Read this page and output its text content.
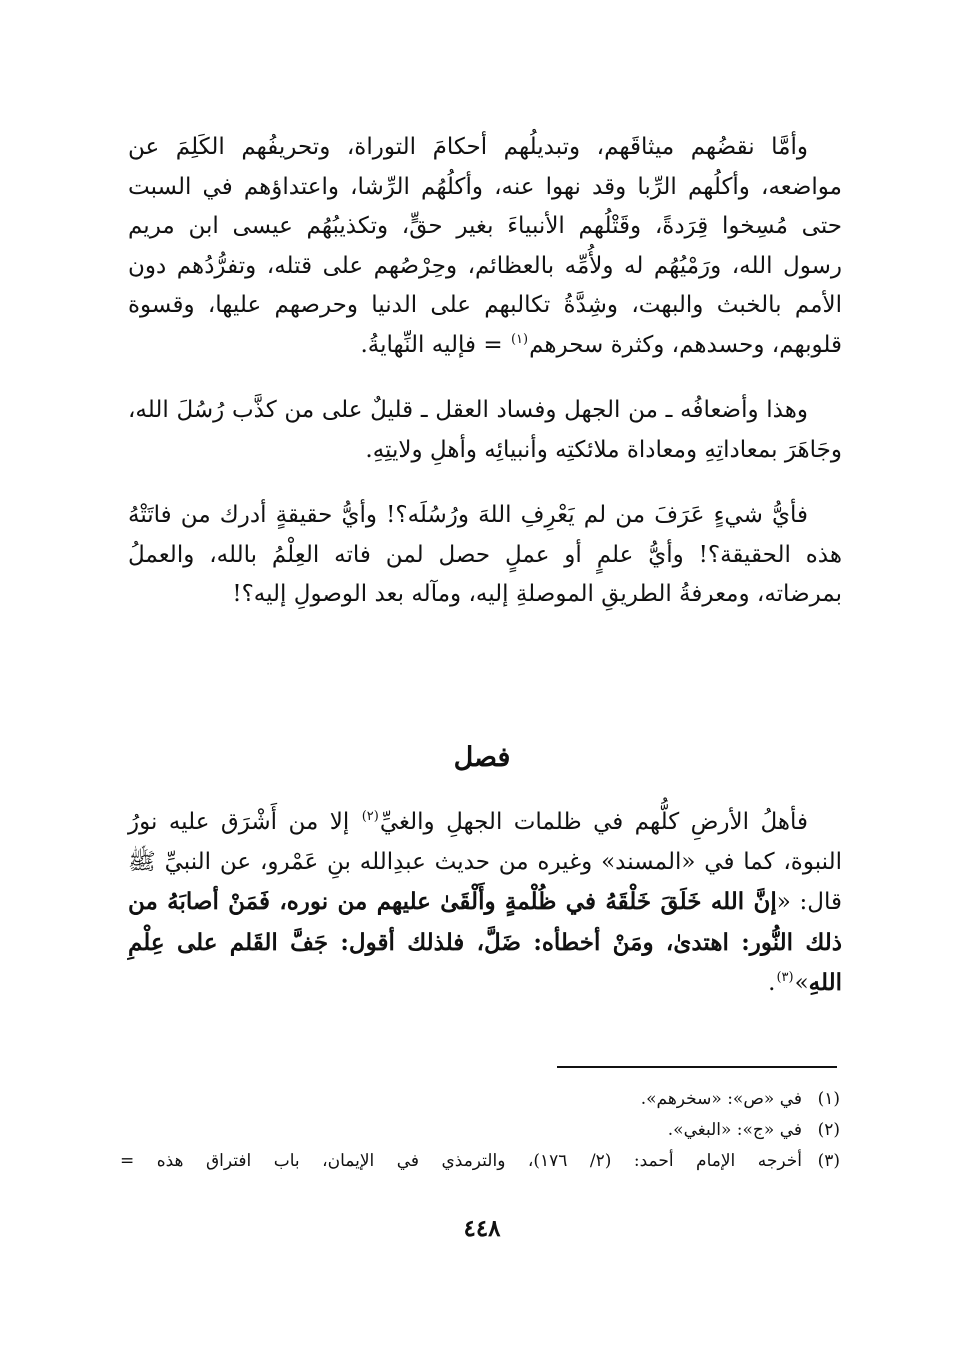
وأمَّا نقضُهم ميثاقَهم، وتبديلُهم أحكامَ التوراة، وتحريفُهم الكَلِمَ عن مواضعه، وأكلُهم الرِّبا وقد نهوا عنه، وأكلُهُم الرِّشا، واعتداؤهم في السبت حتى مُسِخوا قِرَدةً، وقَتْلُهم الأنبياءَ بغير حقٍّ، وتكذيبُهُم عيسى ابن مريم رسول الله، ورَمْيُهُم له ولأُمِّه بالعظائم، وحِرْصُهم على قتله، وتفرُّدُهم دون الأمم بالخبث والبهت، وشِدَّةُ تكالبهم على الدنيا وحرصهم عليها، وقسوة قلوبهم، وحسدهم، وكثرة سحرهم$^{(١)}$ = فإليه النِّهايةُ.

وهذا وأضعافُه ـ من الجهل وفساد العقل ـ قليلٌ على من كذَّب رُسُلَ الله، وجَاهَرَ بمعاداتِهِ ومعاداة ملائكتِه وأنبيائِه وأهلِ ولايتِهِ.

فأيُّ شيءٍ عَرَفَ من لم يَعْرِفِ اللهَ ورُسُلَه؟! وأيُّ حقيقةٍ أدرك من فاتَتْهُ هذه الحقيقة؟! وأيُّ علمٍ أو عملٍ حصل لمن فاته العِلْمُ بالله، والعملُ بمرضاته، ومعرفةُ الطريقِ الموصلةِ إليه، ومآله بعد الوصولِ إليه؟!

فصل

فأهلُ الأرضِ كلُّهم في ظلمات الجهلِ والغيِّ$^{(٢)}$ إلا من أَشْرَق عليه نورُ النبوة، كما في «المسند» وغيره من حديث عبدِالله بنِ عَمْرو، عن النبيِّ ﷺ قال: «إنَّ الله خَلَقَ خَلْقَهُ في ظُلْمةٍ وأَلْقَىٰ عليهم من نوره، فَمَنْ أصابَهُ من ذلك النُّور: اهتدىٰ، ومَنْ أخطأه: ضَلَّ، فلذلك أقول: جَفَّ القَلم على عِلْمِ اللهِ»$^{(٣)}$.

(١)
في «ص»: «سخرهم».
(٢)
في «ج»: «البغي».
(٣)
أخرجه الإمام أحمد: (٢/ ١٧٦)، والترمذي في الإيمان، باب افتراق هذه =
٤٤٨
